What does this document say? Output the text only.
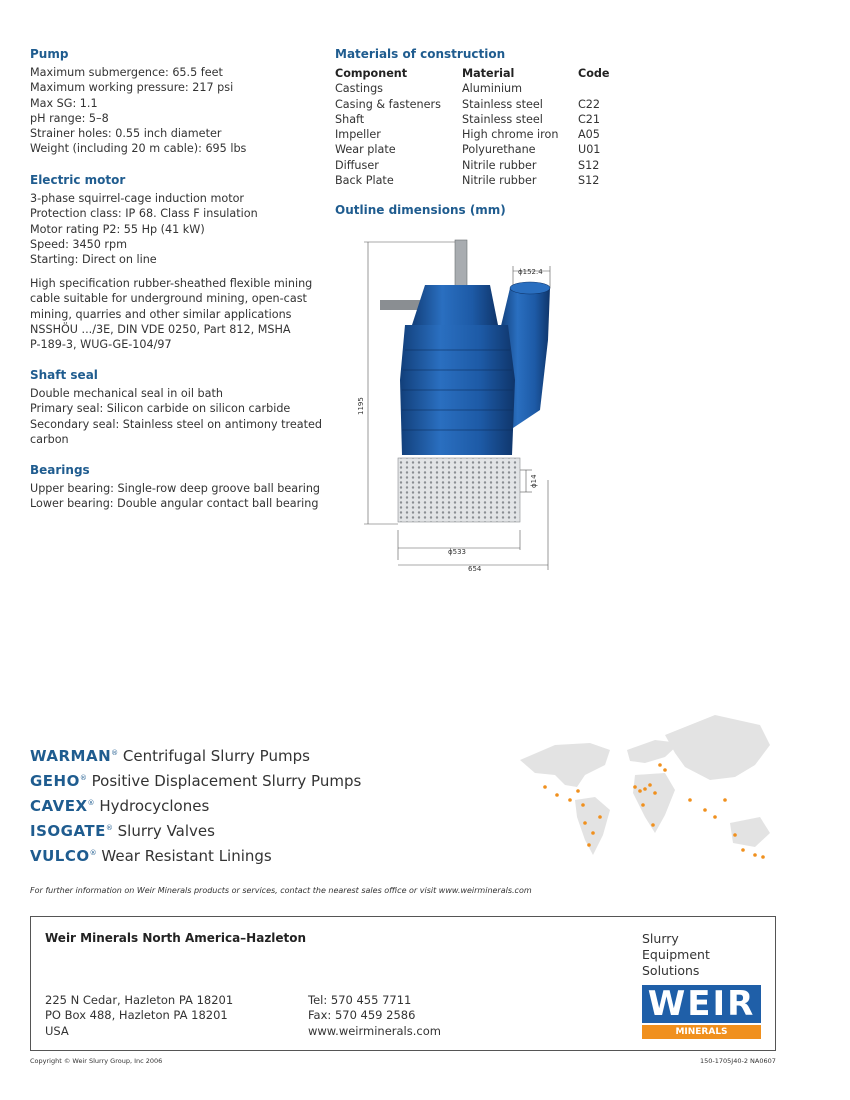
Pump
Maximum submergence: 65.5 feet
Maximum working pressure: 217 psi
Max SG: 1.1
pH range: 5–8
Strainer holes: 0.55 inch diameter
Weight (including 20 m cable): 695 lbs
Electric motor
3-phase squirrel-cage induction motor
Protection class: IP 68. Class F insulation
Motor rating P2: 55 Hp (41 kW)
Speed: 3450 rpm
Starting: Direct on line
High specification rubber-sheathed flexible mining
cable suitable for underground mining, open-cast
mining, quarries and other similar applications
NSSHÖU .../3E, DIN VDE 0250, Part 812, MSHA
P-189-3, WUG-GE-104/97
Shaft seal
Double mechanical seal in oil bath
Primary seal: Silicon carbide on silicon carbide
Secondary seal: Stainless steel on antimony treated
carbon
Bearings
Upper bearing: Single-row deep groove ball bearing
Lower bearing: Double angular contact ball bearing
Materials of construction
Component	Material	Code
Castings	Aluminium
Casing & fasteners	Stainless steel	C22
Shaft	Stainless steel	C21
Impeller	High chrome iron	A05
Wear plate	Polyurethane	U01
Diffuser	Nitrile rubber	S12
Back Plate	Nitrile rubber	S12
Outline dimensions (mm)
1195
ϕ152.4
ϕ14
ϕ533
654
WARMAN® Centrifugal Slurry Pumps
GEHO® Positive Displacement Slurry Pumps
CAVEX® Hydrocyclones
ISOGATE® Slurry Valves
VULCO® Wear Resistant Linings
For further information on Weir Minerals products or services, contact the nearest sales office or visit www.weirminerals.com
Weir Minerals North America–Hazleton
225 N Cedar, Hazleton PA 18201
PO Box 488, Hazleton PA 18201
USA
Tel: 570 455 7711
Fax: 570 459 2586
www.weirminerals.com
Slurry
Equipment
Solutions
WEIR
MINERALS
Copyright © Weir Slurry Group, Inc 2006	150-1705J40-2 NA0607
